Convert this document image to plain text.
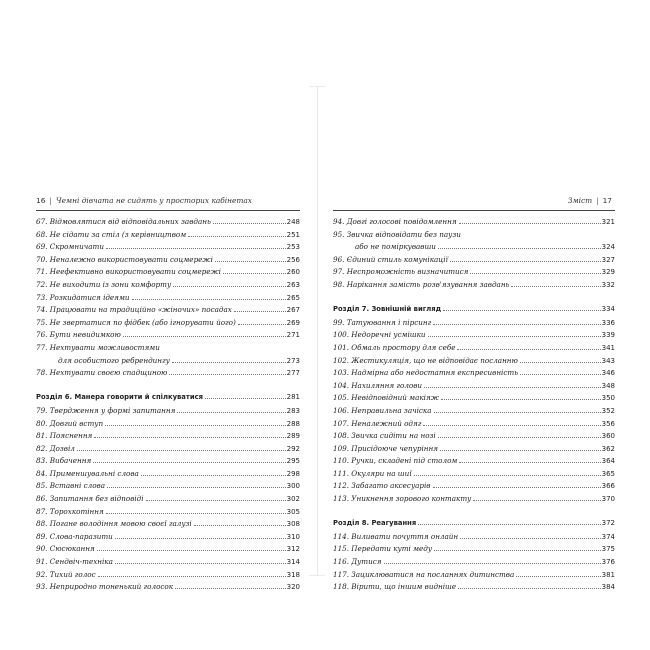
16 | Чемні дівчата не сидять у просторих кабінетах
67. Відмовлятися від відповідальних завдань	248
68. Не сідати за стіл (з керівництвом	251
69. Скромничати	253
70. Неналежно використовувати соцмережі	256
71. Неефективно використовувати соцмережі	260
72. Не виходити із зони комфорту	263
73. Розкидатися ідеями	265
74. Працювати на традиційно «жіночих» посадах	267
75. Не звертатися по фідбек (або ігнорувати його)	269
76. Бути невидимкою	271
77. Нехтувати можливостями
для особистого ребрендингу	273
78. Нехтувати своєю спадщиною	277
Розділ 6. Манера говорити й спілкуватися	281
79. Твердження у формі запитання	283
80. Довгий вступ	288
81. Пояснення	289
82. Дозвіл	292
83. Вибачення	295
84. Применшувальні слова	298
85. Вставні слова	300
86. Запитання без відповіді	302
87. Торохкотіння	305
88. Погане володіння мовою своєї галузі	308
89. Слова-паразити	310
90. Сюсюкання	312
91. Сендвіч-техніка	314
92. Тихий голос	318
93. Неприродно тоненький голосок	320
Зміст | 17
94. Довгі голосові повідомлення	321
95. Звичка відповідати без паузи
або не поміркувавши	324
96. Єдиний стиль комунікації	327
97. Неспроможність визначитися	329
98. Нарікання замість розв'язування завдань	332
Розділ 7. Зовнішній вигляд	334
99. Татуювання і пірсинг	336
100. Недоречні усмішки	339
101. Обмаль простору для себе	341
102. Жестикуляція, що не відповідає посланню	343
103. Надмірна або недостатня експресивність	346
104. Нахиляння голови	348
105. Невідповідний макіяж	350
106. Неправильна зачіска	352
107. Неналежний одяг	356
108. Звичка сидіти на нозі	360
109. Присідоюче чепуріння	362
110. Ручки, складені під столом	364
111. Окуляри на шиї	365
112. Забагато аксесуарів	366
113. Уникнення зорового контакту	370
Розділ 8. Реагування	372
114. Виливати почуття онлайн	374
115. Передати куті меду	375
116. Дутися	376
117. Зациклюватися на посланнях дитинства	381
118. Вірити, що іншим видніше	384
